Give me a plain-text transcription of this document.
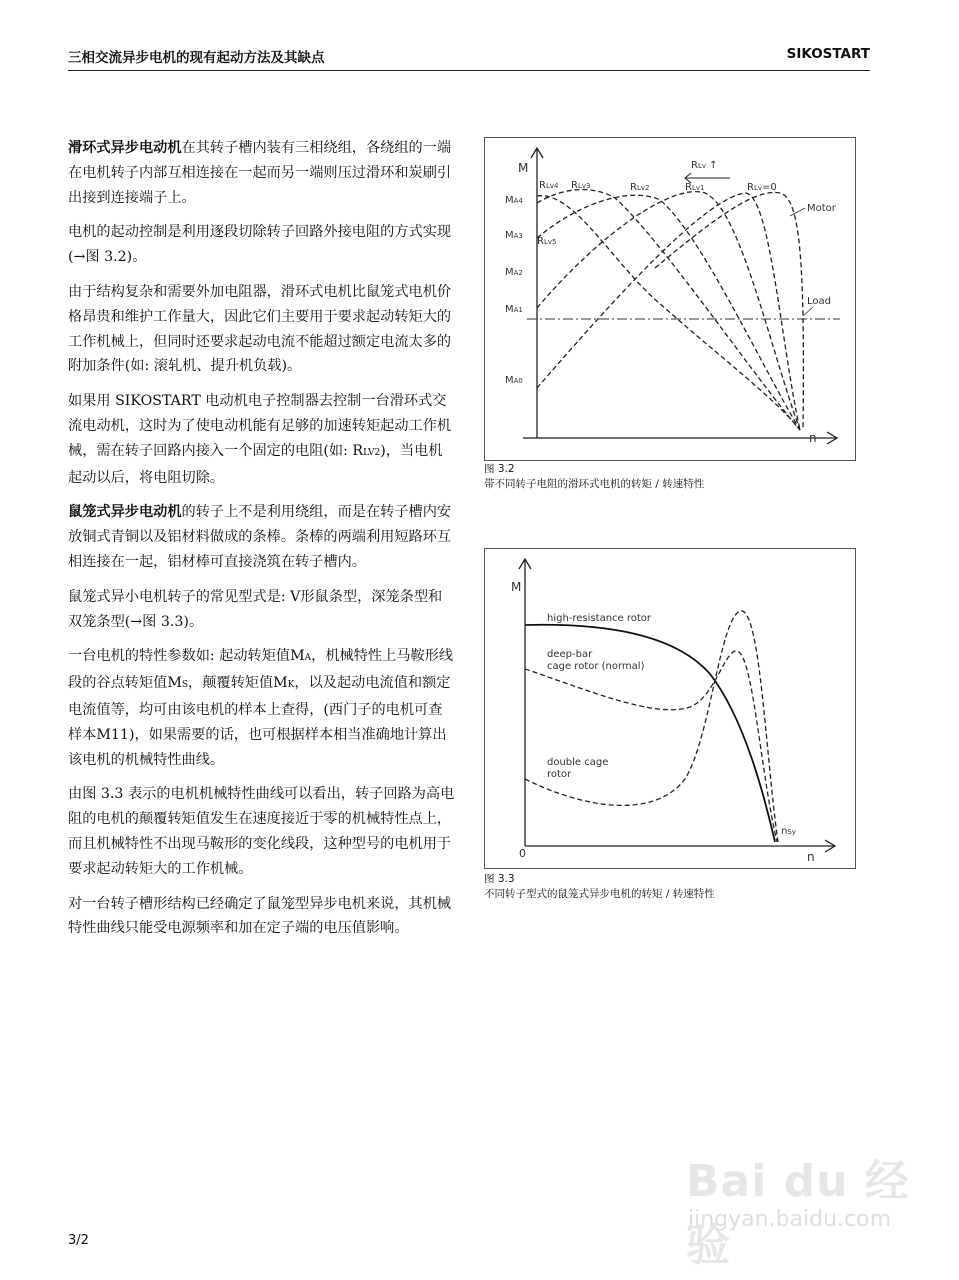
三相交流异步电机的现有起动方法及其缺点	SIKOSTART

滑环式异步电动机在其转子槽内装有三相绕组，各绕组的一端在电机转子内部互相连接在一起而另一端则压过滑环和炭刷引出接到连接端子上。

电机的起动控制是利用逐段切除转子回路外接电阻的方式实现(→图 3.2)。

由于结构复杂和需要外加电阻器，滑环式电机比鼠笼式电机价格昂贵和维护工作量大，因此它们主要用于要求起动转矩大的工作机械上，但同时还要求起动电流不能超过额定电流太多的附加条件(如: 滚轧机、提升机负载)。

如果用 SIKOSTART 电动机电子控制器去控制一台滑环式交流电动机，这时为了使电动机能有足够的加速转矩起动工作机械，需在转子回路内接入一个固定的电阻(如: RLV2)，当电机起动以后，将电阻切除。

鼠笼式异步电动机的转子上不是利用绕组，而是在转子槽内安放铜式青铜以及铝材料做成的条棒。条棒的两端利用短路环互相连接在一起，铝材棒可直接浇筑在转子槽内。

鼠笼式异小电机转子的常见型式是: V形鼠条型，深笼条型和双笼条型(→图 3.3)。

一台电机的特性参数如: 起动转矩值MA，机械特性上马鞍形线段的谷点转矩值MS，颠覆转矩值MK，以及起动电流值和额定电流值等，均可由该电机的样本上查得，(西门子的电机可查样本M11)，如果需要的话，也可根据样本相当准确地计算出该电机的机械特性曲线。

由图 3.3 表示的电机机械特性曲线可以看出，转子回路为高电阻的电机的颠覆转矩值发生在速度接近于零的机械特性点上，而且机械特性不出现马鞍形的变化线段，这种型号的电机用于要求起动转矩大的工作机械。

对一台转子槽形结构已经确定了鼠笼型异步电机来说，其机械特性曲线只能受电源频率和加在定子端的电压值影响。

M
n
RLv ↑
RLv4 RLv3	RLv2	RLv1	RLv=0
RLv5
Motor
Load
MA4
MA3
MA2
MA1
MA0
图 3.2
带不同转子电阻的滑环式电机的转矩 / 转速特性
M
n
0
high-resistance rotor
deep-bar
cage rotor (normal)
double cage
rotor
nSy
图 3.3
不同转子型式的鼠笼式异步电机的转矩 / 转速特性
3/2
Bai du 经验
jingyan.baidu.com
